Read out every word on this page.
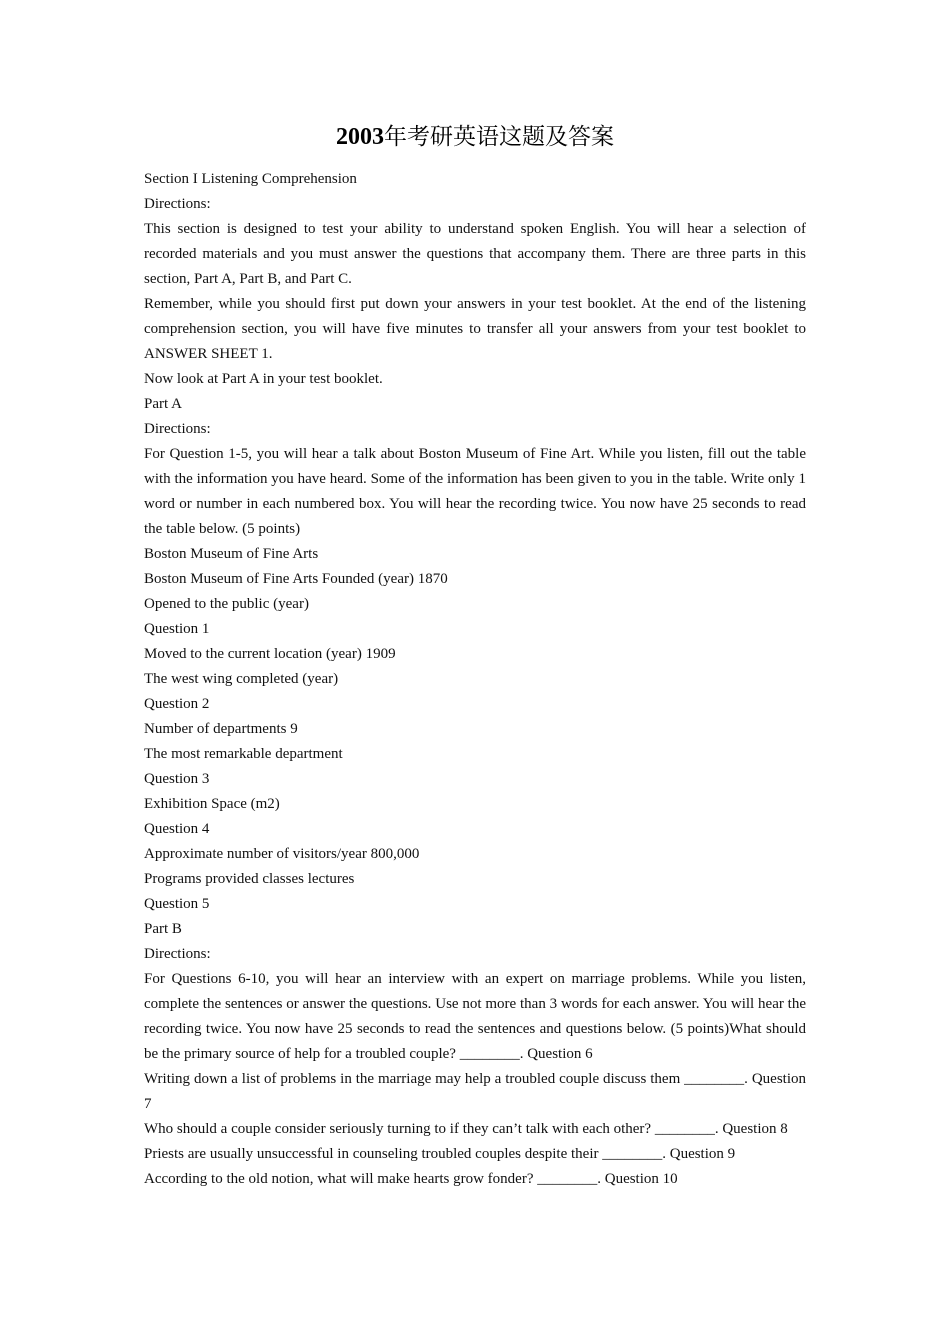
2003年考研英语这题及答案

Section I Listening Comprehension

Directions:

This section is designed to test your ability to understand spoken English. You will hear a selection of recorded materials and you must answer the questions that accompany them. There are three parts in this section, Part A, Part B, and Part C.

Remember, while you should first put down your answers in your test booklet. At the end of the listening comprehension section, you will have five minutes to transfer all your answers from your test booklet to ANSWER SHEET 1.

Now look at Part A in your test booklet.

Part A

Directions:

For Question 1-5, you will hear a talk about Boston Museum of Fine Art. While you listen, fill out the table with the information you have heard. Some of the information has been given to you in the table. Write only 1 word or number in each numbered box. You will hear the recording twice. You now have 25 seconds to read the table below. (5 points)

Boston Museum of Fine Arts

Boston Museum of Fine Arts Founded (year) 1870

Opened to the public (year)

Question 1

Moved to the current location (year) 1909

The west wing completed (year)

Question 2

Number of departments 9

The most remarkable department

Question 3

Exhibition Space (m2)

Question 4

Approximate number of visitors/year 800,000

Programs provided classes lectures

Question 5

Part B

Directions:

For Questions 6-10, you will hear an interview with an expert on marriage problems. While you listen, complete the sentences or answer the questions. Use not more than 3 words for each answer. You will hear the recording twice. You now have 25 seconds to read the sentences and questions below. (5 points)What should be the primary source of help for a troubled couple? ________. Question 6

Writing down a list of problems in the marriage may help a troubled couple discuss them ________. Question 7

Who should a couple consider seriously turning to if they can’t talk with each other? ________. Question 8

Priests are usually unsuccessful in counseling troubled couples despite their ________. Question 9

According to the old notion, what will make hearts grow fonder? ________. Question 10
